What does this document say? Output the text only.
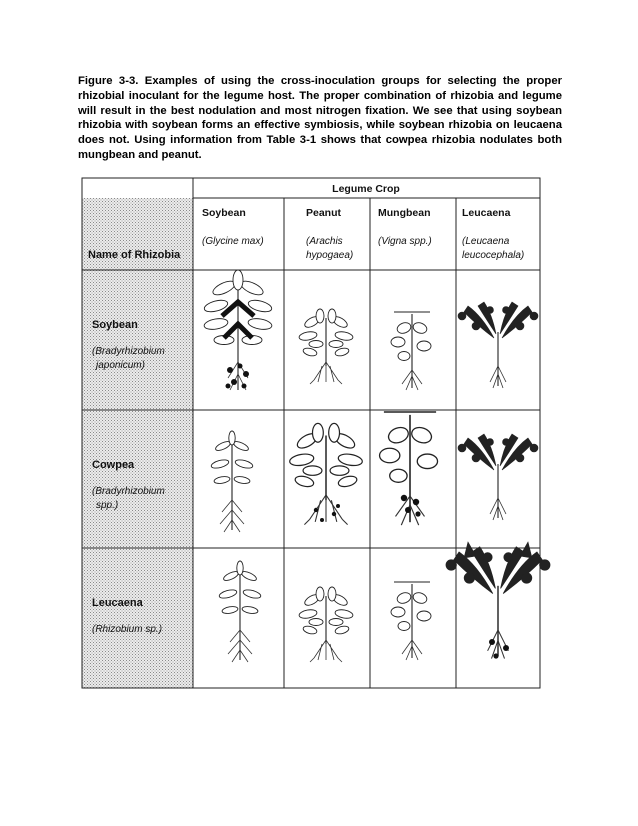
Figure 3-3. Examples of using the cross-inoculation groups for selecting the proper rhizobial inoculant for the legume host. The proper combination of rhizobia and legume will result in the best nodulation and most nitrogen fixation. We see that using soybean rhizobia with soybean forms an effective symbiosis, while soybean rhizobia on leucaena does not. Using information from Table 3-1 shows that cowpea rhizobia nodulates both mungbean and peanut.

Legume Crop
Soybean
(Glycine max)
Peanut
(Arachis
hypogaea)
Mungbean
(Vigna spp.)
Leucaena
(Leucaena
leucocephala)
Name of Rhizobia
Soybean
(Bradyrhizobium
japonicum)
Cowpea
(Bradyrhizobium
spp.)
Leucaena
(Rhizobium sp.)
